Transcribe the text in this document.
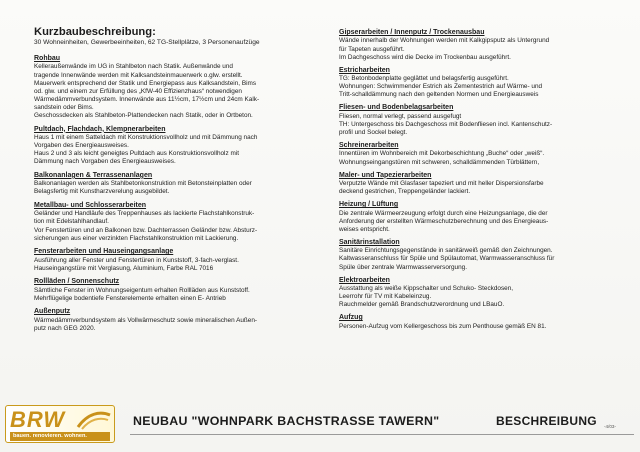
Kurzbaubeschreibung:
30 Wohneinheiten, Gewerbeeinheiten, 62 TG-Stellplätze, 3 Personenaufzüge
Rohbau
Kelleraußenwände im UG in Stahlbeton nach Statik. Außenwände und
tragende Innenwände werden mit Kalksandsteinmauerwerk o.glw. erstellt.
Mauerwerk entsprechend der Statik und Energiepass aus Kalksandstein, Bims
od. glw. und einem zur Erfüllung des „KfW-40 Effizienzhaus“ notwendigen
Wärmedämmverbundsystem. Innenwände aus 11½cm, 17½cm und 24cm Kalk-
sandstein oder Bims.
Geschossdecken als Stahlbeton-Plattendecken nach Statik, oder in Ortbeton.
Pultdach, Flachdach, Klempnerarbeiten
Haus 1 mit einem Satteldach mit Konstruktionsvollholz und mit Dämmung nach
Vorgaben des Energieausweises.
Haus 2 und 3 als leicht geneigtes Pultdach aus Konstruktionsvollholz mit
Dämmung nach Vorgaben des Energieausweises.
Balkonanlagen & Terrassenanlagen
Balkonanlagen werden als Stahlbetonkonstruktion mit Betonsteinplatten oder
Belagsfertig mit Kunstharzverelung ausgebildet.
Metallbau- und Schlosserarbeiten
Geländer und Handläufe des Treppenhauses als lackierte Flachstahlkonstruk-
tion mit Edelstahlhandlauf.
Vor Fenstertüren und an Balkonen bzw. Dachterrassen Geländer bzw. Absturz-
sicherungen aus einer verzinkten Flachstahlkonstruktion mit Lackierung.
Fensterarbeiten und Hauseingangsanlage
Ausführung aller Fenster und Fenstertüren in Kunststoff, 3-fach-verglast.
Hauseingangstüre mit Verglasung, Aluminium, Farbe RAL 7016
Rollläden / Sonnenschutz
Sämtliche Fenster im Wohnungseigentum erhalten Rollläden aus Kunststoff.
Mehrflügelige bodentiefe Fensterelemente erhalten einen E- Antrieb
Außenputz
Wärmedämmverbundsystem als Vollwärmeschutz sowie mineralischen Außen-
putz nach GEG 2020.
Gipserarbeiten / Innenputz / Trockenausbau
Wände innerhalb der Wohnungen werden mit Kalkgipsputz als Untergrund
für Tapeten ausgeführt.
Im Dachgeschoss wird die Decke im Trockenbau ausgeführt.
Estricharbeiten
TG: Betonbodenplatte geglättet und belagsfertig ausgeführt.
Wohnungen: Schwimmender Estrich als Zementestrich auf Wärme- und
Tritt-schalldämmung nach den geltenden Normen und Energieausweis
Fliesen- und Bodenbelagsarbeiten
Fliesen, normal verlegt, passend ausgefugt
TH: Untergeschoss bis Dachgeschoss mit Bodenfliesen incl. Kantenschutz-
profil und Sockel belegt.
Schreinerarbeiten
Innentüren im Wohnbereich mit Dekorbeschichtung „Buche“ oder „weiß“.
Wohnungseingangstüren mit schweren, schalldämmenden Türblättern,
Maler- und Tapezierarbeiten
Verputzte Wände mit Glasfaser tapeziert und mit heller Dispersionsfarbe
deckend gestrichen, Treppengeländer lackiert.
Heizung / Lüftung
Die zentrale Wärmeerzeugung erfolgt durch eine Heizungsanlage, die der
Anforderung der erstellten Wärmeschutzberechnung und des Energieaus-
weises entspricht.
Sanitärinstallation
Sanitäre Einrichtungsgegenstände in sanitärweiß gemäß den Zeichnungen.
Kaltwasseranschluss für Spüle und Spülautomat, Warmwasseranschluss für
Spüle über zentrale Warmwasserversorgung.
Elektroarbeiten
Ausstattung als weiße Kippschalter und Schuko- Steckdosen,
Leerrohr für TV mit Kabeleinzug.
Rauchmelder gemäß Brandschutzverordnung und LBauO.
Aufzug
Personen-Aufzug vom Kellergeschoss bis zum Penthouse gemäß EN 81.
BRW
bauen. renovieren. wohnen.
NEUBAU "WOHNPARK BACHSTRASSE TAWERN"	BESCHREIBUNG -4/03-
